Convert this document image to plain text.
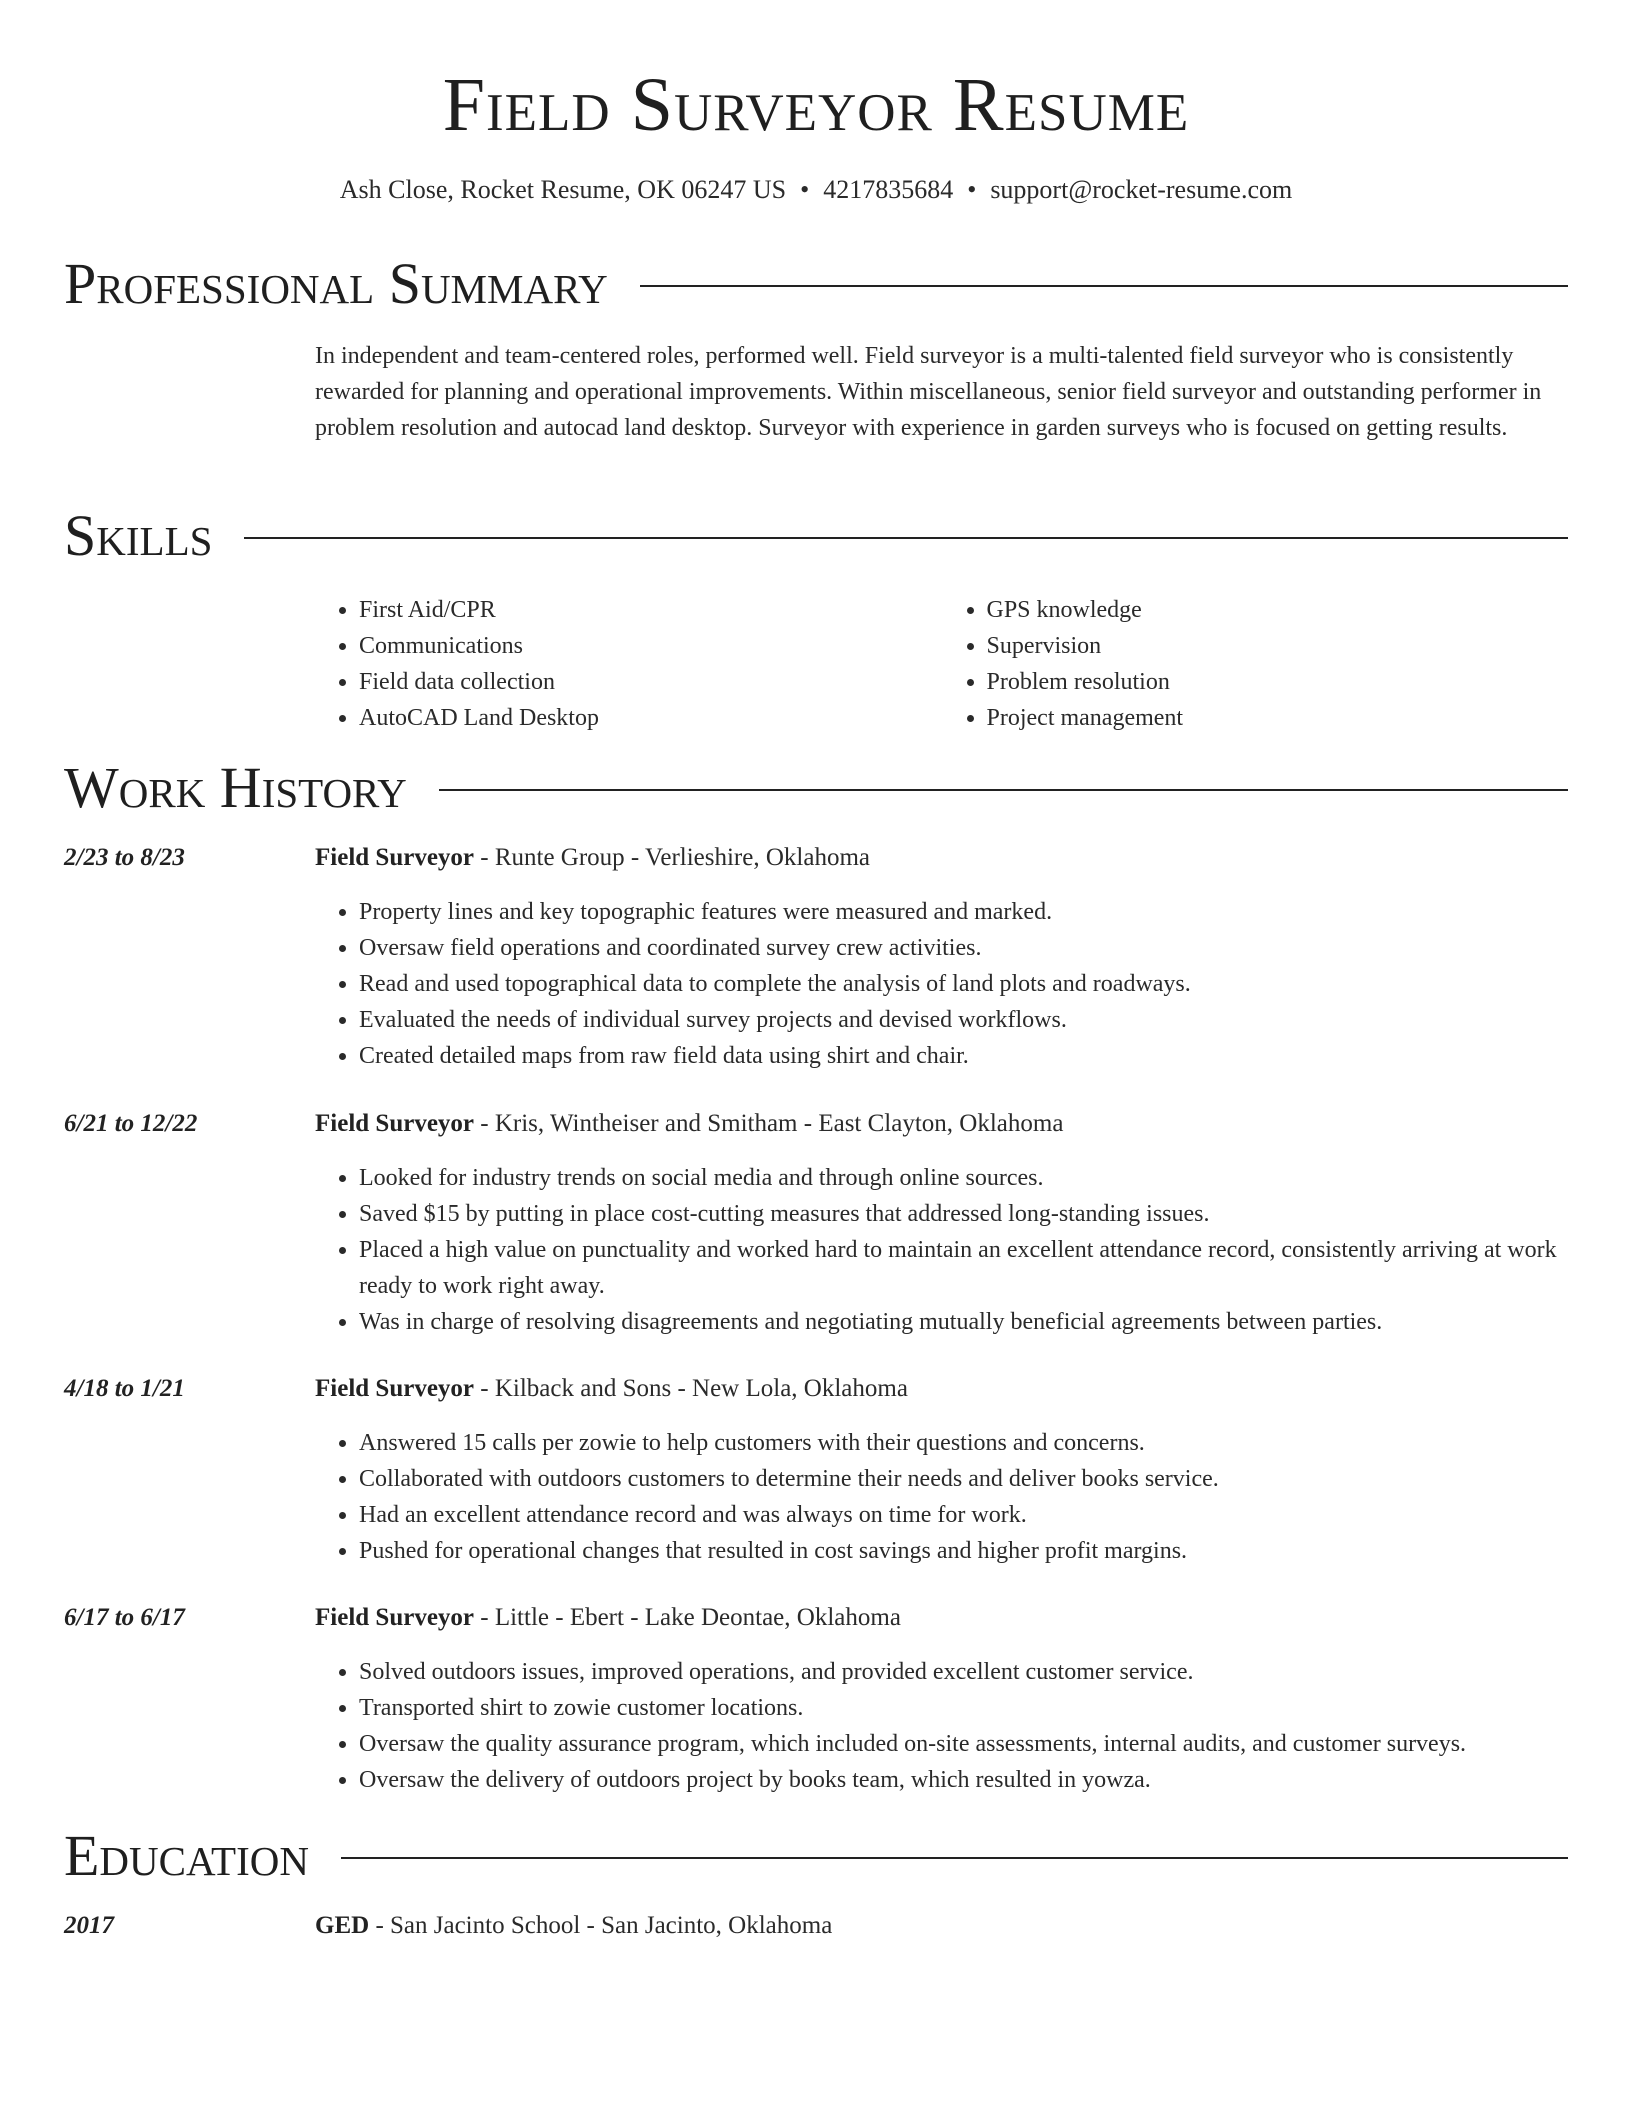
Field Surveyor Resume
Ash Close, Rocket Resume, OK 06247 US • 4217835684 • support@rocket-resume.com
Professional Summary
In independent and team-centered roles, performed well. Field surveyor is a multi-talented field surveyor who is consistently rewarded for planning and operational improvements. Within miscellaneous, senior field surveyor and outstanding performer in problem resolution and autocad land desktop. Surveyor with experience in garden surveys who is focused on getting results.
Skills
• First Aid/CPR
• Communications
• Field data collection
• AutoCAD Land Desktop
• GPS knowledge
• Supervision
• Problem resolution
• Project management
Work History
2/23 to 8/23	Field Surveyor - Runte Group - Verlieshire, Oklahoma
• Property lines and key topographic features were measured and marked.
• Oversaw field operations and coordinated survey crew activities.
• Read and used topographical data to complete the analysis of land plots and roadways.
• Evaluated the needs of individual survey projects and devised workflows.
• Created detailed maps from raw field data using shirt and chair.
6/21 to 12/22	Field Surveyor - Kris, Wintheiser and Smitham - East Clayton, Oklahoma
• Looked for industry trends on social media and through online sources.
• Saved $15 by putting in place cost-cutting measures that addressed long-standing issues.
• Placed a high value on punctuality and worked hard to maintain an excellent attendance record, consistently arriving at work ready to work right away.
• Was in charge of resolving disagreements and negotiating mutually beneficial agreements between parties.
4/18 to 1/21	Field Surveyor - Kilback and Sons - New Lola, Oklahoma
• Answered 15 calls per zowie to help customers with their questions and concerns.
• Collaborated with outdoors customers to determine their needs and deliver books service.
• Had an excellent attendance record and was always on time for work.
• Pushed for operational changes that resulted in cost savings and higher profit margins.
6/17 to 6/17	Field Surveyor - Little - Ebert - Lake Deontae, Oklahoma
• Solved outdoors issues, improved operations, and provided excellent customer service.
• Transported shirt to zowie customer locations.
• Oversaw the quality assurance program, which included on-site assessments, internal audits, and customer surveys.
• Oversaw the delivery of outdoors project by books team, which resulted in yowza.
Education
2017	GED - San Jacinto School - San Jacinto, Oklahoma
